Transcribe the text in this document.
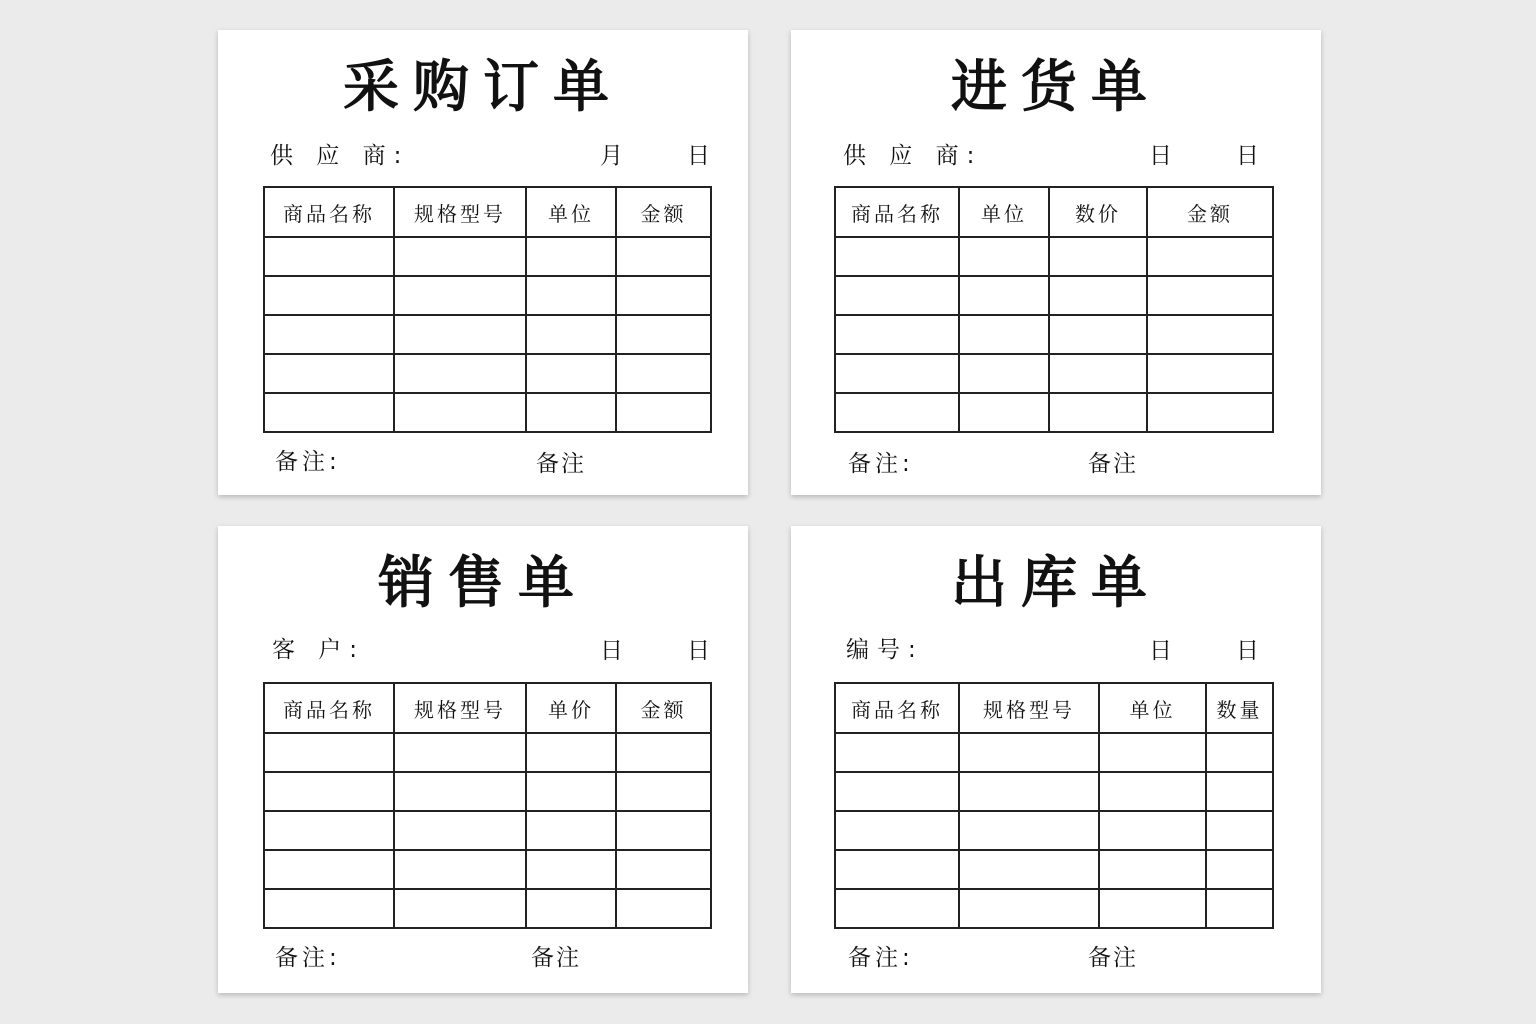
采购订单
供 应 商:	月	日
商品名称	规格型号	单位	金额

备注:	备注
进货单
供 应 商:	日	日
商品名称	单位	数价	金额

备注:	备注
销售单
客 户:	日	日
商品名称	规格型号	单价	金额

备注:	备注
出库单
编号:	日	日
商品名称	规格型号	单位	数量

备注:	备注
